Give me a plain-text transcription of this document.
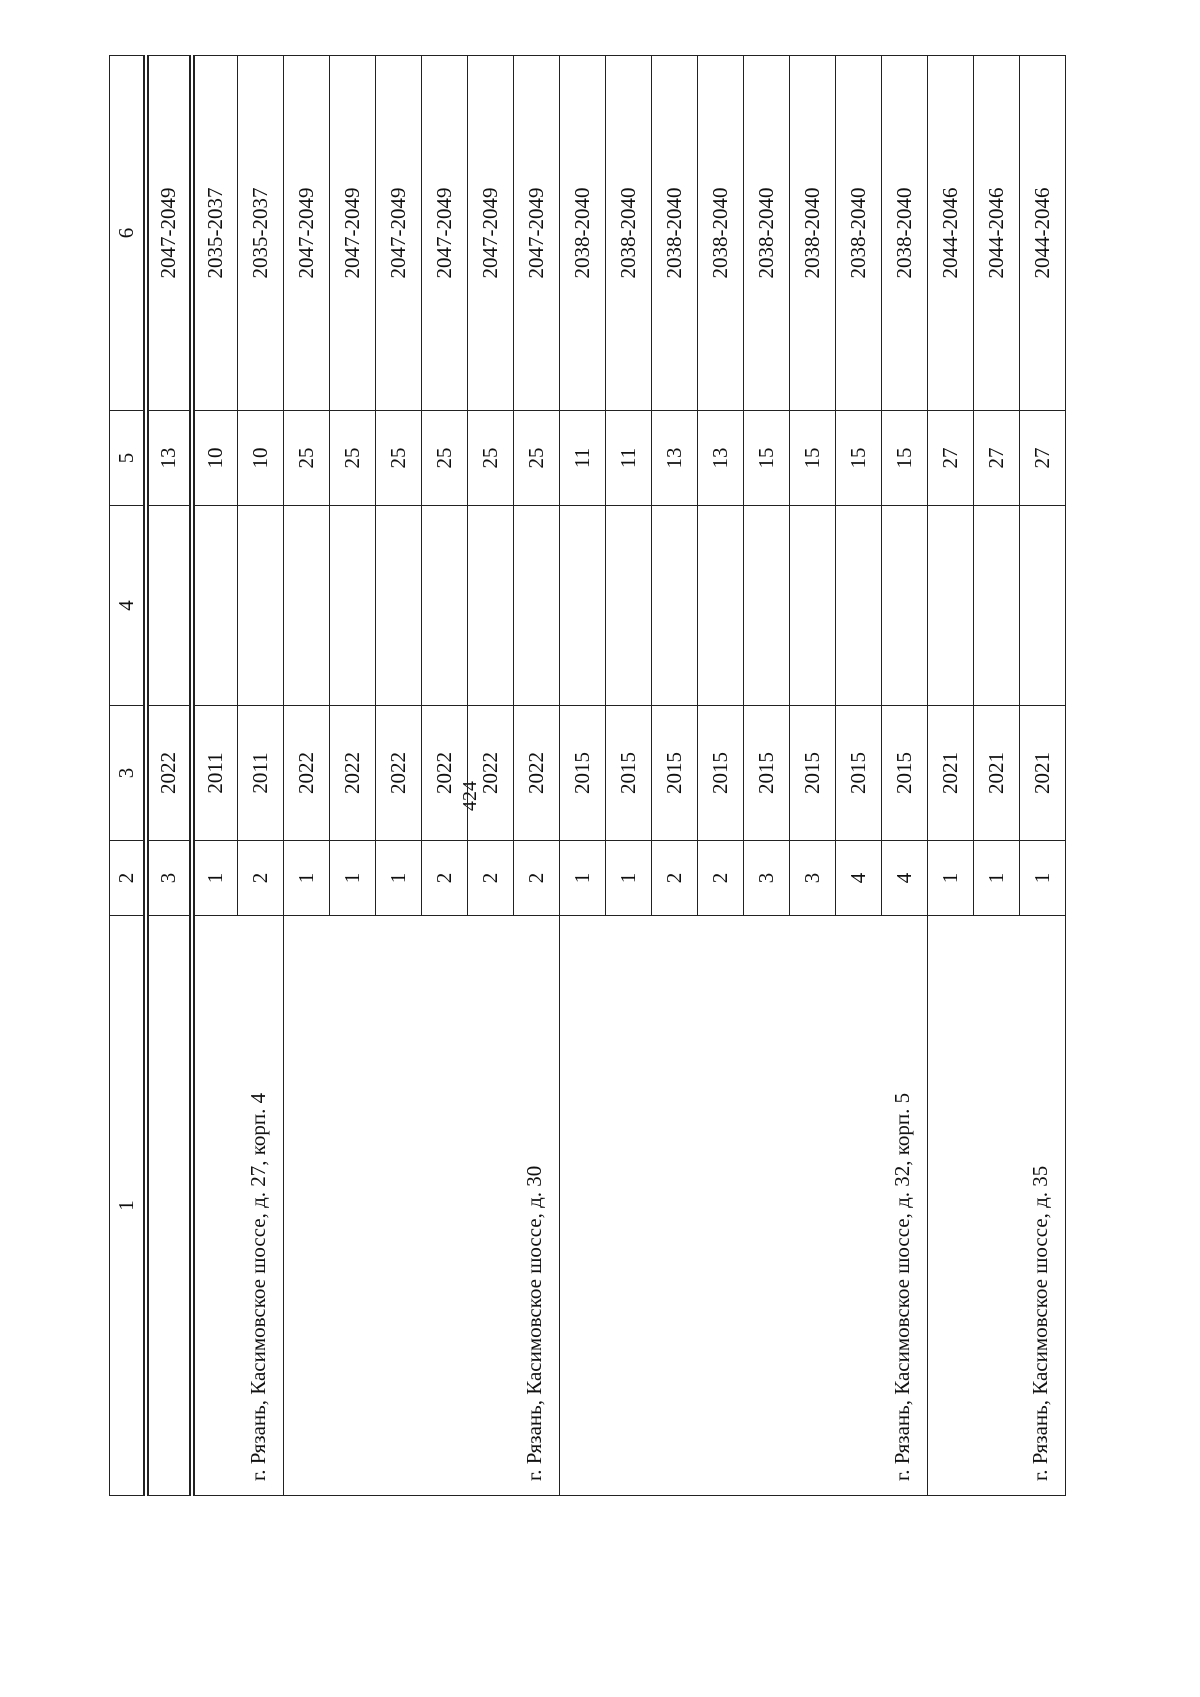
424
1	2	3	4	5	6
	3	2022		13	2047-2049
г. Рязань, Касимовское шоссе, д. 27, корп. 4	1	2011		10	2035-2037
	2	2011		10	2035-2037
г. Рязань, Касимовское шоссе, д. 30	1	2022		25	2047-2049
	1	2022		25	2047-2049
	1	2022		25	2047-2049
	2	2022		25	2047-2049
	2	2022		25	2047-2049
	2	2022		25	2047-2049
г. Рязань, Касимовское шоссе, д. 32, корп. 5	1	2015		11	2038-2040
	1	2015		11	2038-2040
	2	2015		13	2038-2040
	2	2015		13	2038-2040
	3	2015		15	2038-2040
	3	2015		15	2038-2040
	4	2015		15	2038-2040
	4	2015		15	2038-2040
г. Рязань, Касимовское шоссе, д. 35	1	2021		27	2044-2046
	1	2021		27	2044-2046
	1	2021		27	2044-2046
